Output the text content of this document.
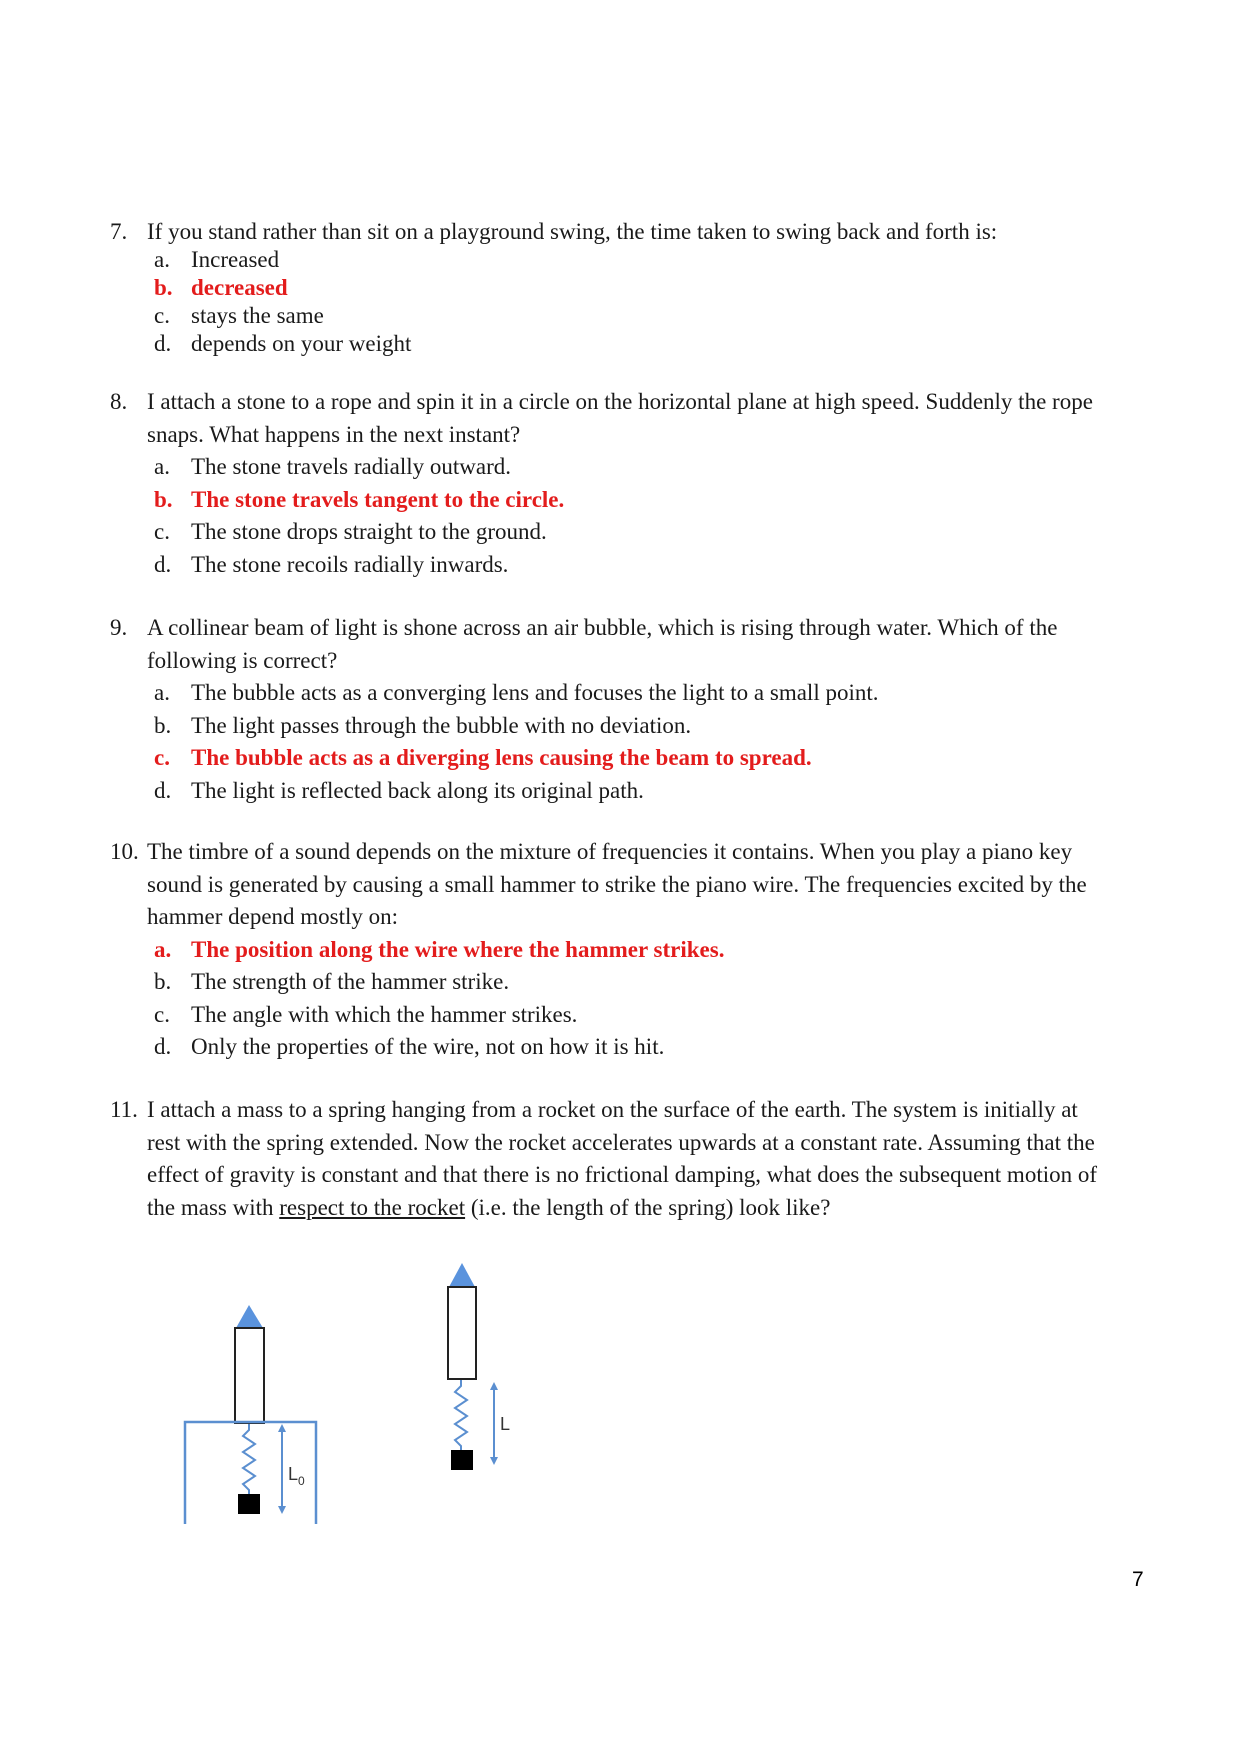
7. If you stand rather than sit on a playground swing, the time taken to swing back and forth is:
a. Increased
b. decreased
c. stays the same
d. depends on your weight
8. I attach a stone to a rope and spin it in a circle on the horizontal plane at high speed. Suddenly the rope snaps. What happens in the next instant?
a. The stone travels radially outward.
b. The stone travels tangent to the circle.
c. The stone drops straight to the ground.
d. The stone recoils radially inwards.
9. A collinear beam of light is shone across an air bubble, which is rising through water. Which of the following is correct?
a. The bubble acts as a converging lens and focuses the light to a small point.
b. The light passes through the bubble with no deviation.
c. The bubble acts as a diverging lens causing the beam to spread.
d. The light is reflected back along its original path.
10. The timbre of a sound depends on the mixture of frequencies it contains. When you play a piano key sound is generated by causing a small hammer to strike the piano wire. The frequencies excited by the hammer depend mostly on:
a. The position along the wire where the hammer strikes.
b. The strength of the hammer strike.
c. The angle with which the hammer strikes.
d. Only the properties of the wire, not on how it is hit.
11. I attach a mass to a spring hanging from a rocket on the surface of the earth. The system is initially at rest with the spring extended. Now the rocket accelerates upwards at a constant rate. Assuming that the effect of gravity is constant and that there is no frictional damping, what does the subsequent motion of the mass with respect to the rocket (i.e. the length of the spring) look like?
$L_0$
L
7
